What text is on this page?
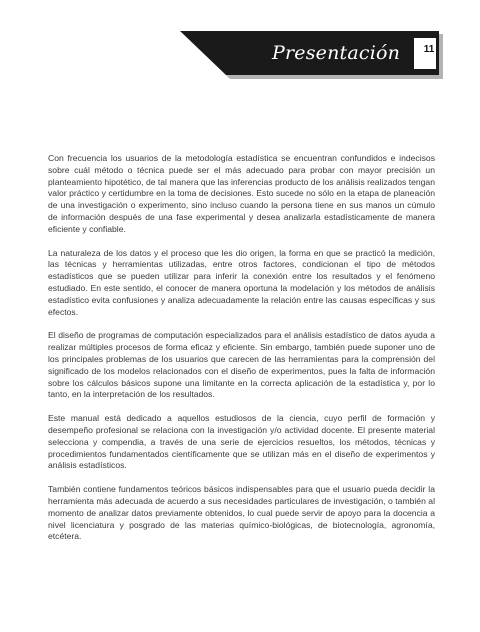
Presentación	11

Con frecuencia los usuarios de la metodología estadística se encuentran confundidos e indecisos sobre cuál método o técnica puede ser el más adecuado para probar con mayor precisión un planteamiento hipotético, de tal manera que las inferencias producto de los análisis realizados tengan valor práctico y certidumbre en la toma de decisiones. Esto sucede no sólo en la etapa de planeación de una investigación o experimento, sino incluso cuando la persona tiene en sus manos un cúmulo de información después de una fase experimental y desea analizarla estadísticamente de manera eficiente y confiable.

La naturaleza de los datos y el proceso que les dio origen, la forma en que se practicó la medición, las técnicas y herramientas utilizadas, entre otros factores, condicionan el tipo de métodos estadísticos que se pueden utilizar para inferir la conexión entre los resultados y el fenómeno estudiado. En este sentido, el conocer de manera oportuna la modelación y los métodos de análisis estadístico evita confusiones y analiza adecuadamente la relación entre las causas específicas y sus efectos.

El diseño de programas de computación especializados para el análisis estadístico de datos ayuda a realizar múltiples procesos de forma eficaz y eficiente. Sin embargo, también puede suponer uno de los principales problemas de los usuarios que carecen de las herramientas para la comprensión del significado de los modelos relacionados con el diseño de experimentos, pues la falta de información sobre los cálculos básicos supone una limitante en la correcta aplicación de la estadística y, por lo tanto, en la interpretación de los resultados.

Este manual está dedicado a aquellos estudiosos de la ciencia, cuyo perfil de formación y desempeño profesional se relaciona con la investigación y/o actividad docente. El presente material selecciona y compendia, a través de una serie de ejercicios resueltos, los métodos, técnicas y procedimientos fundamentados científicamente que se utilizan más en el diseño de experimentos y análisis estadísticos.

También contiene fundamentos teóricos básicos indispensables para que el usuario pueda decidir la herramienta más adecuada de acuerdo a sus necesidades particulares de investigación, o también al momento de analizar datos previamente obtenidos, lo cual puede servir de apoyo para la docencia a nivel licenciatura y posgrado de las materias químico-biológicas, de biotecnología, agronomía, etcétera.
